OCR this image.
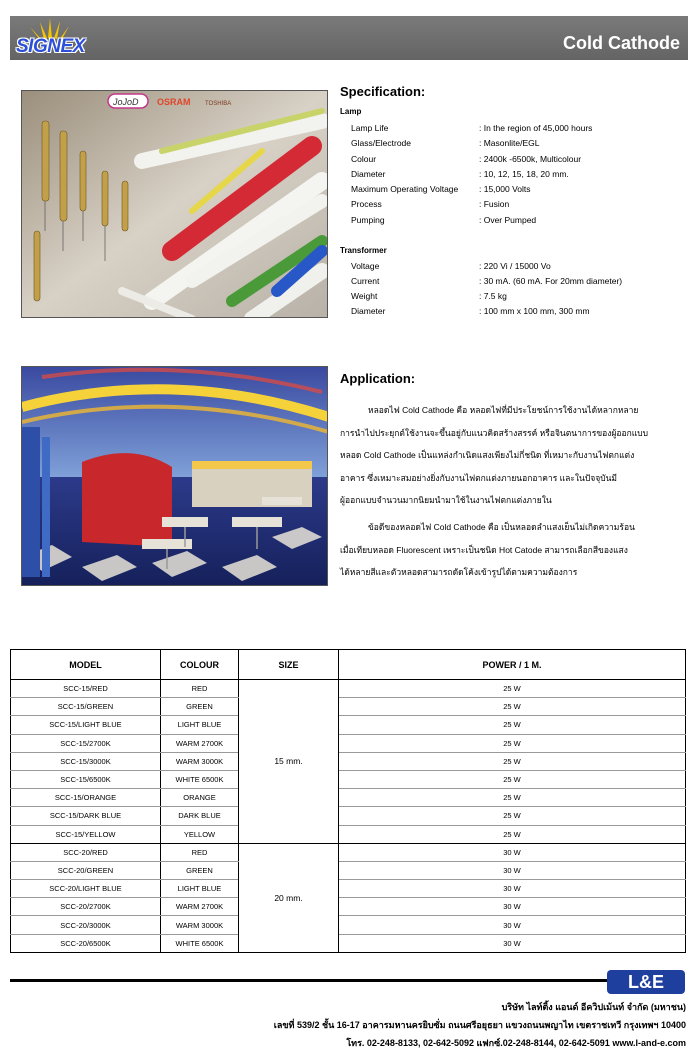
SIGNEX	Cold Cathode
JoJoD OSRAM TOSHIBA
Specification:
Lamp
Lamp Life	: In the region of 45,000 hours
Glass/Electrode	: Masonlite/EGL
Colour	: 2400k -6500k, Multicolour
Diameter	: 10, 12, 15, 18, 20 mm.
Maximum Operating Voltage : 15,000 Volts
Process	: Fusion
Pumping	: Over Pumped
Transformer
Voltage	: 220 Vi / 15000 Vo
Current	: 30 mA. (60 mA. For 20mm diameter)
Weight	: 7.5 kg
Diameter	: 100 mm x 100 mm, 300 mm
Application:
หลอดไฟ Cold Cathode คือ หลอดไฟที่มีประโยชน์การใช้งานได้หลากหลาย
การนำไปประยุกต์ใช้งานจะขึ้นอยู่กับแนวคิดสร้างสรรค์ หรือจินตนาการของผู้ออกแบบ
หลอด Cold Cathode เป็นแหล่งกำเนิดแสงเพียงไม่กี่ชนิด ที่เหมาะกับงานไฟตกแต่ง
อาคาร ซึ่งเหมาะสมอย่างยิ่งกับงานไฟตกแต่งภายนอกอาคาร และในปัจจุบันมี
ผู้ออกแบบจำนวนมากนิยมนำมาใช้ในงานไฟตกแต่งภายใน
ข้อดีของหลอดไฟ Cold Cathode คือ เป็นหลอดลำแสงเย็นไม่เกิดความร้อน
เมื่อเทียบหลอด Fluorescent เพราะเป็นชนิด Hot Catode สามารถเลือกสีของแสง
ได้หลายสีและตัวหลอดสามารถดัดโค้งเข้ารูปได้ตามความต้องการ
MODEL	COLOUR	SIZE	POWER / 1 M.
SCC-15/RED	RED	15 mm.	25 W
SCC-15/GREEN	GREEN		25 W
SCC-15/LIGHT BLUE	LIGHT BLUE		25 W
SCC-15/2700K	WARM 2700K		25 W
SCC-15/3000K	WARM 3000K		25 W
SCC-15/6500K	WHITE 6500K		25 W
SCC-15/ORANGE	ORANGE		25 W
SCC-15/DARK BLUE	DARK BLUE		25 W
SCC-15/YELLOW	YELLOW		25 W
SCC-20/RED	RED	20 mm.	30 W
SCC-20/GREEN	GREEN		30 W
SCC-20/LIGHT BLUE	LIGHT BLUE		30 W
SCC-20/2700K	WARM 2700K		30 W
SCC-20/3000K	WARM 3000K		30 W
SCC-20/6500K	WHITE 6500K		30 W
L&E
บริษัท ไลท์ติ้ง แอนด์ อีควิปเม้นท์ จำกัด (มหาชน)
เลขที่ 539/2 ชั้น 16-17 อาคารมหานครยิบซั่ม ถนนศรีอยุธยา แขวงถนนพญาไท เขตราชเทวี กรุงเทพฯ 10400
โทร. 02-248-8133, 02-642-5092 แฟกซ์.02-248-8144, 02-642-5091 www.l-and-e.com
